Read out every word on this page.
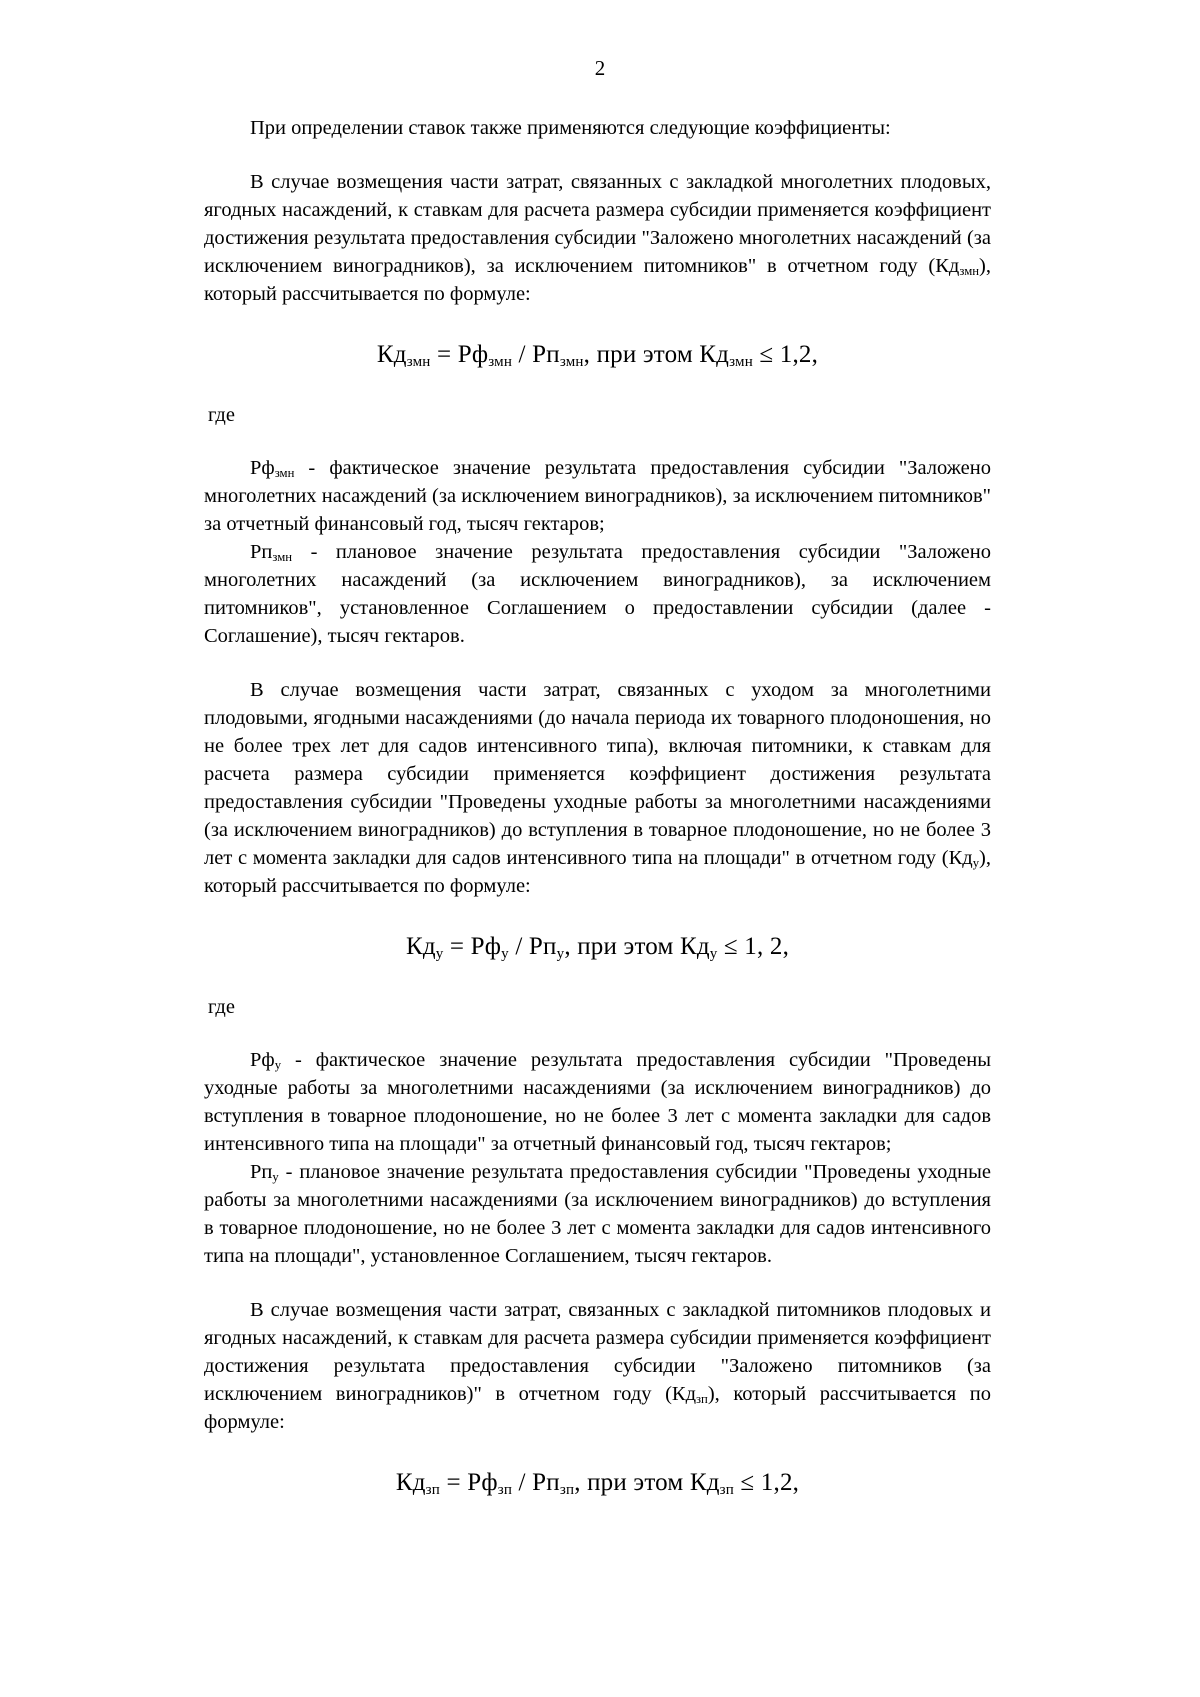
2

При определении ставок также применяются следующие коэффициенты:

В случае возмещения части затрат, связанных с закладкой многолетних плодовых, ягодных насаждений, к ставкам для расчета размера субсидии применяется коэффициент достижения результата предоставления субсидии "Заложено многолетних насаждений (за исключением виноградников), за исключением питомников" в отчетном году $(Кд_{змн})$, который рассчитывается по формуле:

$Кд_{змн} = Рф_{змн} / Рп_{змн}$, при этом $Кд_{змн} \le 1,2$,

где

$Рф_{змн}$ - фактическое значение результата предоставления субсидии "Заложено многолетних насаждений (за исключением виноградников), за исключением питомников" за отчетный финансовый год, тысяч гектаров;

$Рп_{змн}$ - плановое значение результата предоставления субсидии "Заложено многолетних насаждений (за исключением виноградников), за исключением питомников", установленное Соглашением о предоставлении субсидии (далее - Соглашение), тысяч гектаров.

В случае возмещения части затрат, связанных с уходом за многолетними плодовыми, ягодными насаждениями (до начала периода их товарного плодоношения, но не более трех лет для садов интенсивного типа), включая питомники, к ставкам для расчета размера субсидии применяется коэффициент достижения результата предоставления субсидии "Проведены уходные работы за многолетними насаждениями (за исключением виноградников) до вступления в товарное плодоношение, но не более 3 лет с момента закладки для садов интенсивного типа на площади" в отчетном году $(Кд_у)$, который рассчитывается по формуле:

$Кд_у = Рф_у / Рп_у$, при этом $Кд_у \le 1$, 2,

где

$Рф_у$ - фактическое значение результата предоставления субсидии "Проведены уходные работы за многолетними насаждениями (за исключением виноградников) до вступления в товарное плодоношение, но не более 3 лет с момента закладки для садов интенсивного типа на площади" за отчетный финансовый год, тысяч гектаров;

$Рп_у$ - плановое значение результата предоставления субсидии "Проведены уходные работы за многолетними насаждениями (за исключением виноградников) до вступления в товарное плодоношение, но не более 3 лет с момента закладки для садов интенсивного типа на площади", установленное Соглашением, тысяч гектаров.

В случае возмещения части затрат, связанных с закладкой питомников плодовых и ягодных насаждений, к ставкам для расчета размера субсидии применяется коэффициент достижения результата предоставления субсидии "Заложено питомников (за исключением виноградников)" в отчетном году $(Кд_{зп})$, который рассчитывается по формуле:

$Кд_{зп} = Рф_{зп} / Рп_{зп}$, при этом $Кд_{зп} \le 1,2$,
